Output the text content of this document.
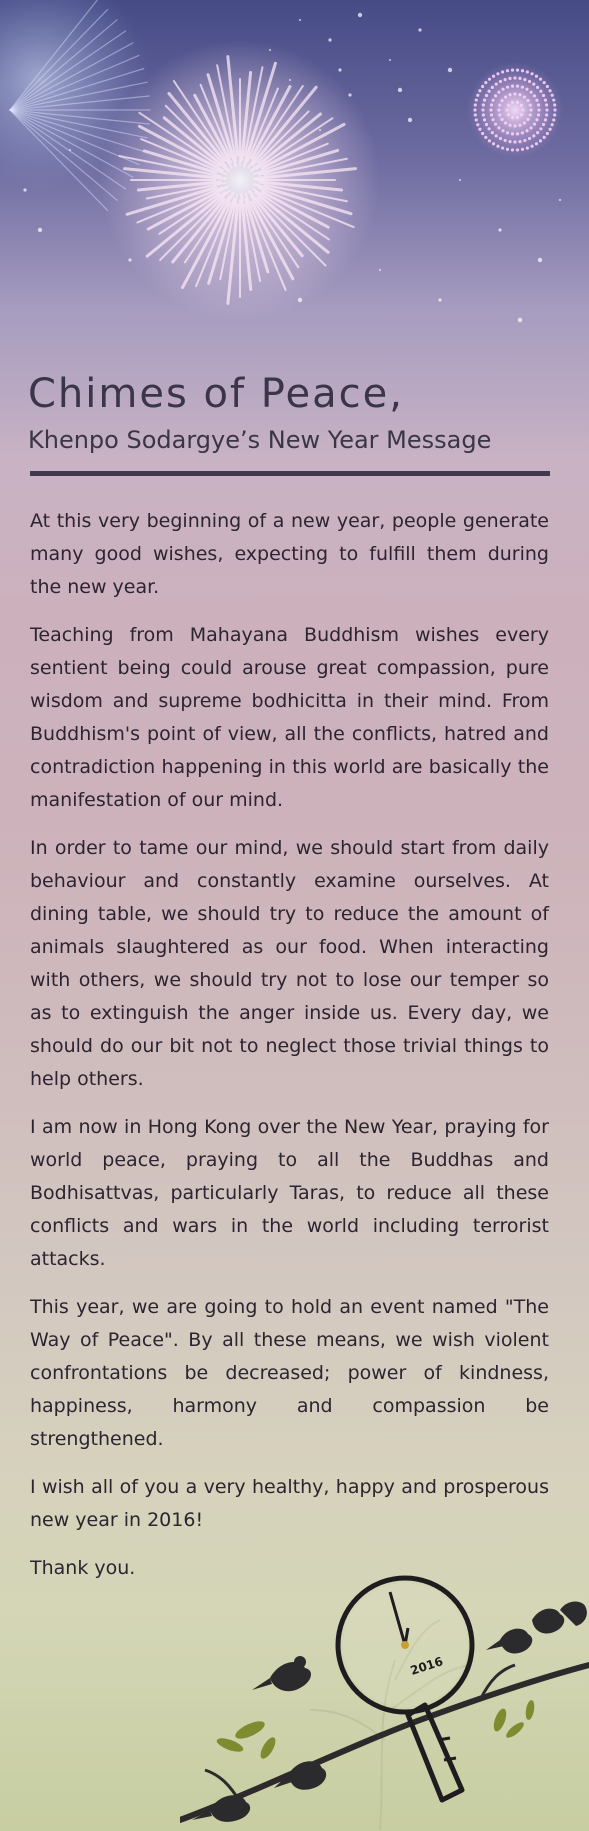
Chimes of Peace,
Khenpo Sodargye’s New Year Message

At this very beginning of a new year, people generate many good wishes, expecting to fulfill them during the new year.

Teaching from Mahayana Buddhism wishes every sentient being could arouse great compassion, pure wisdom and supreme bodhicitta in their mind. From Buddhism's point of view, all the conflicts, hatred and contradiction happening in this world are basically the manifestation of our mind.

In order to tame our mind, we should start from daily behaviour and constantly examine ourselves. At dining table, we should try to reduce the amount of animals slaughtered as our food. When interacting with others, we should try not to lose our temper so as to extinguish the anger inside us. Every day, we should do our bit not to neglect those trivial things to help others.

I am now in Hong Kong over the New Year, praying for world peace, praying to all the Buddhas and Bodhisattvas, particularly Taras, to reduce all these conflicts and wars in the world including terrorist attacks.

This year, we are going to hold an event named "The Way of Peace". By all these means, we wish violent confrontations be decreased; power of kindness, happiness, harmony and compassion be strengthened.

I wish all of you a very healthy, happy and prosperous new year in 2016!

Thank you.

2016
